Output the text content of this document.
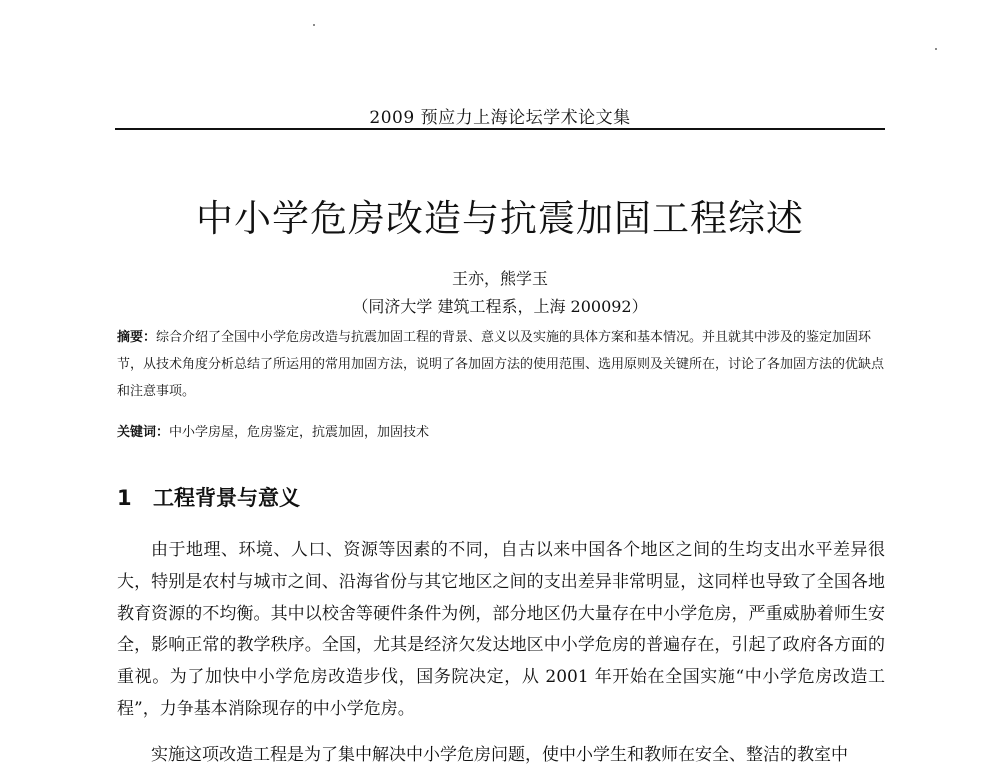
2009 预应力上海论坛学术论文集
中小学危房改造与抗震加固工程综述
王亦，熊学玉
（同济大学 建筑工程系，上海 200092）

摘要：综合介绍了全国中小学危房改造与抗震加固工程的背景、意义以及实施的具体方案和基本情况。并且就其中涉及的鉴定加固环节，从技术角度分析总结了所运用的常用加固方法，说明了各加固方法的使用范围、选用原则及关键所在，讨论了各加固方法的优缺点和注意事项。

关键词：中小学房屋，危房鉴定，抗震加固，加固技术

1 工程背景与意义

由于地理、环境、人口、资源等因素的不同，自古以来中国各个地区之间的生均支出水平差异很大，特别是农村与城市之间、沿海省份与其它地区之间的支出差异非常明显，这同样也导致了全国各地教育资源的不均衡。其中以校舍等硬件条件为例，部分地区仍大量存在中小学危房，严重威胁着师生安全，影响正常的教学秩序。全国，尤其是经济欠发达地区中小学危房的普遍存在，引起了政府各方面的重视。为了加快中小学危房改造步伐，国务院决定，从 2001 年开始在全国实施“中小学危房改造工程”，力争基本消除现存的中小学危房。

实施这项改造工程是为了集中解决中小学危房问题，使中小学生和教师在安全、整洁的教室中
